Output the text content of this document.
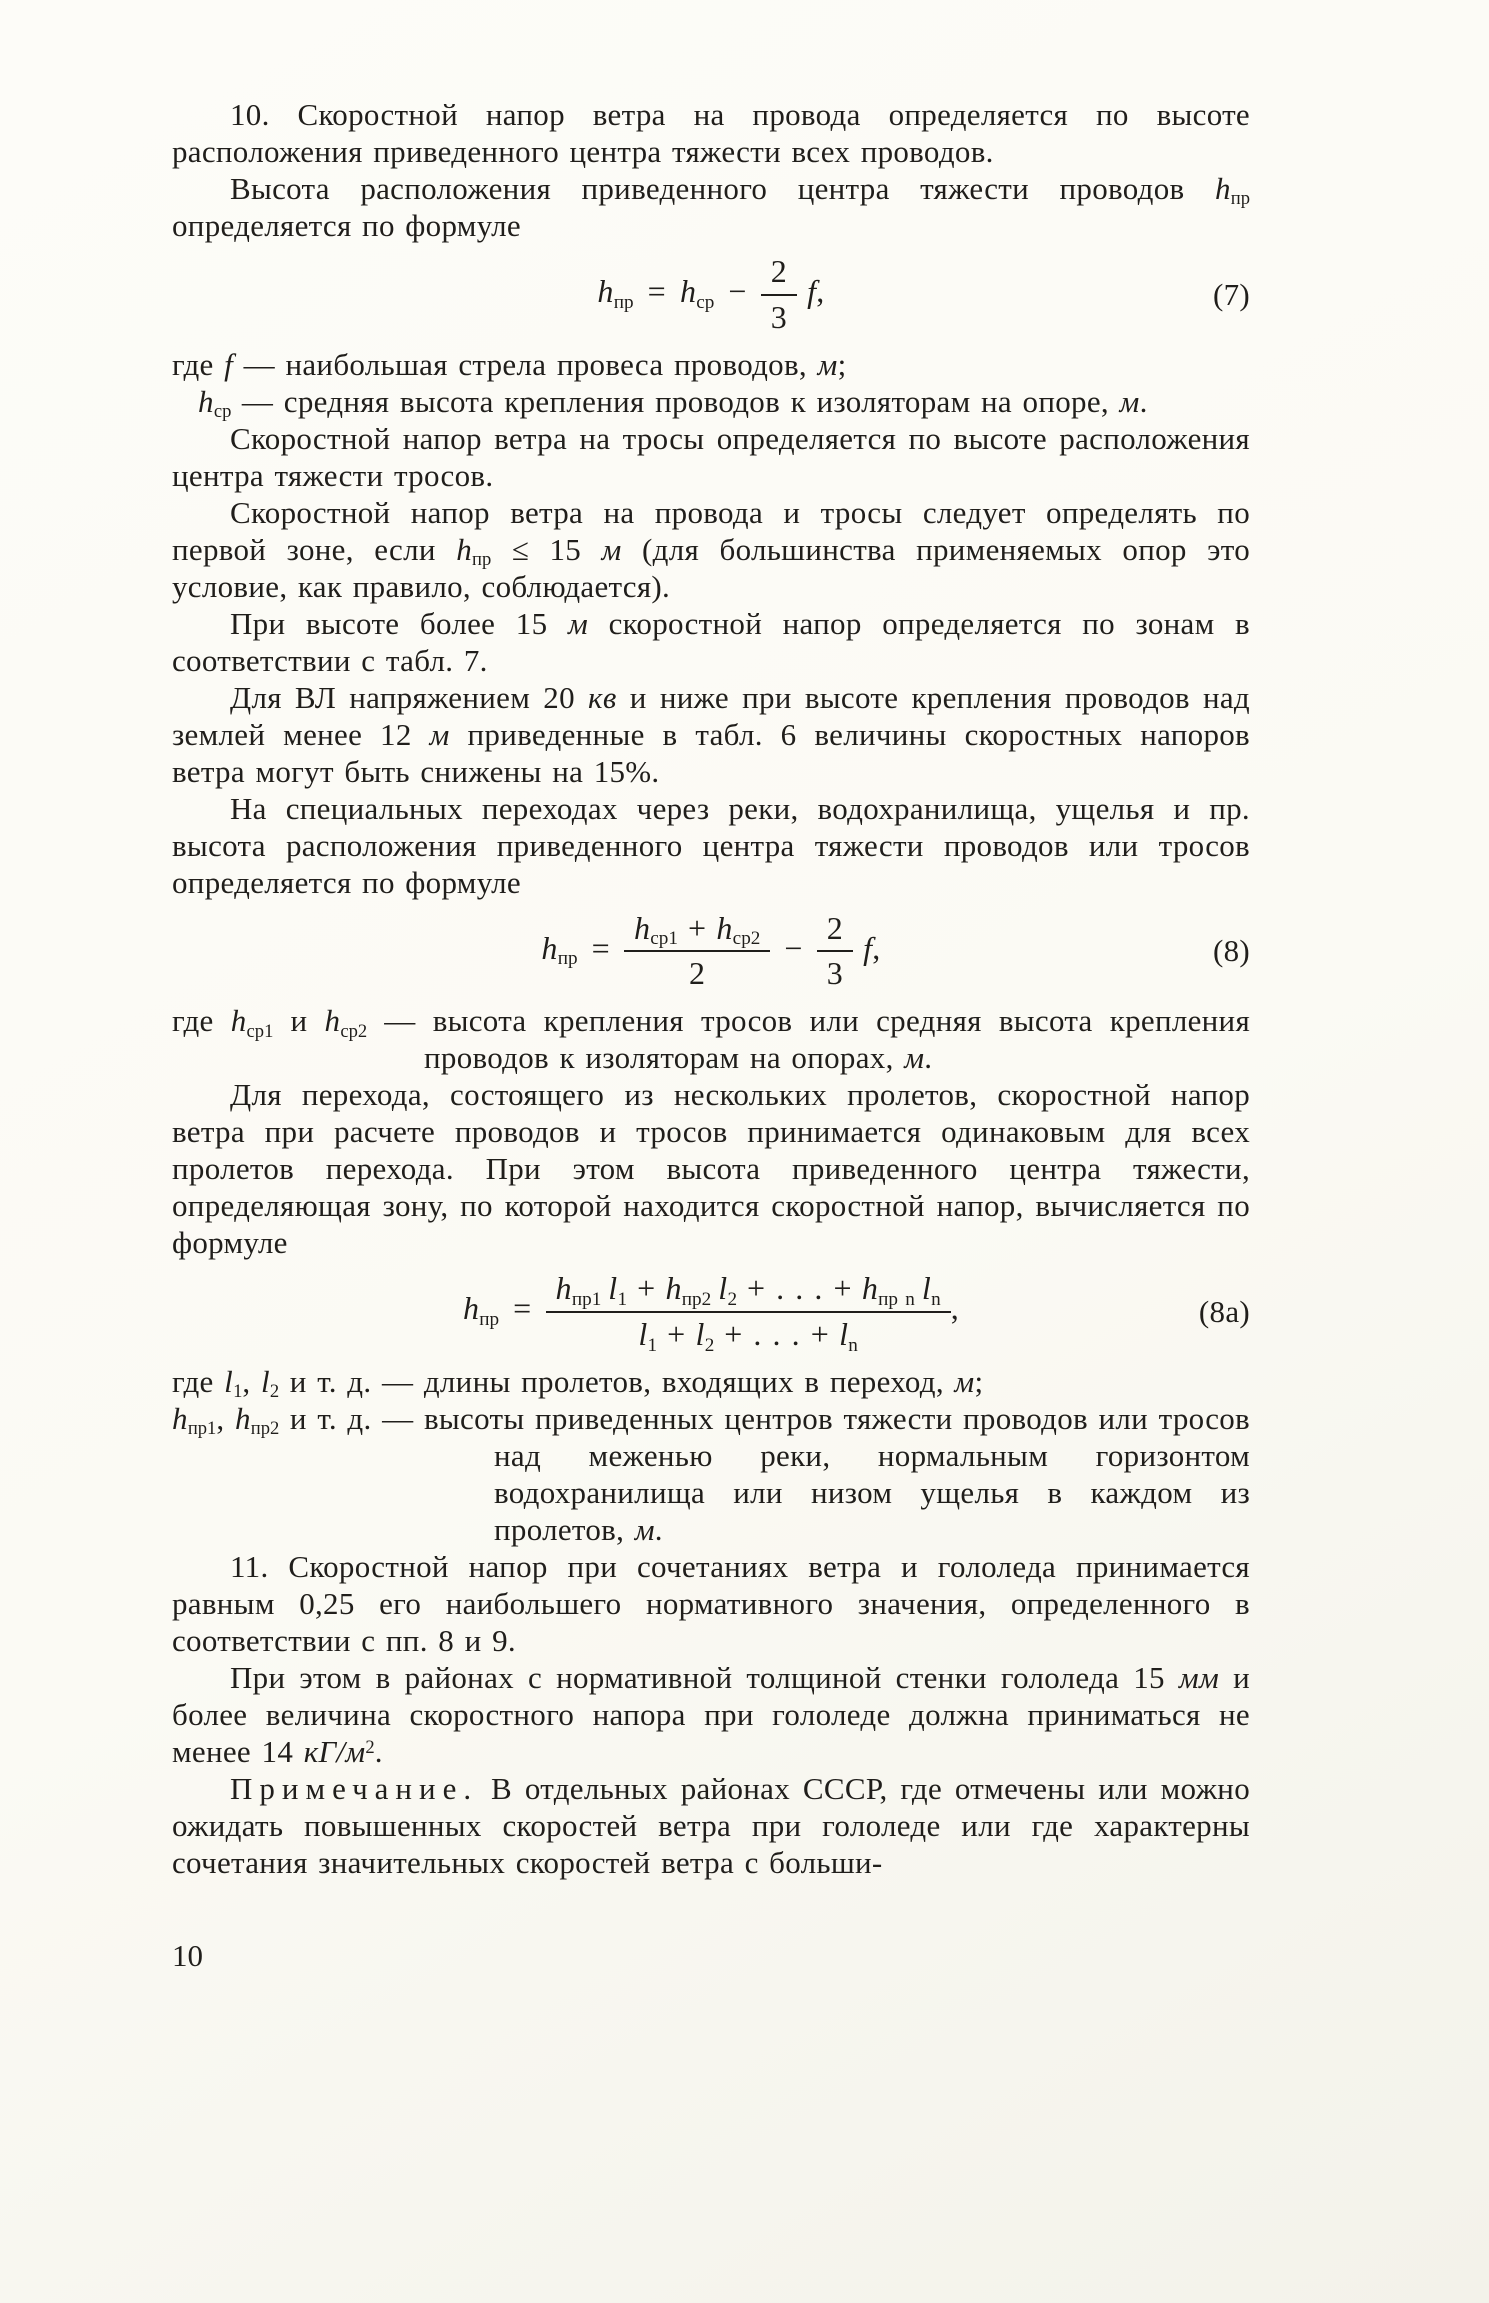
10. Скоростной напор ветра на провода определяется по высоте расположения приведенного центра тяжести всех проводов.

Высота расположения приведенного центра тяжести проводов $h_{пр}$ определяется по формуле

$h_{пр} = h_{ср} - \frac{2}{3} f$,	(7)

где f — наибольшая стрела провеса проводов, м;

$h_{ср}$ — средняя высота крепления проводов к изоляторам на опоре, м.

Скоростной напор ветра на тросы определяется по высоте расположения центра тяжести тросов.

Скоростной напор ветра на провода и тросы следует определять по первой зоне, если $h_{пр} \le 15$ м (для большинства применяемых опор это условие, как правило, соблюдается).

При высоте более 15 м скоростной напор определяется по зонам в соответствии с табл. 7.

Для ВЛ напряжением 20 кв и ниже при высоте крепления проводов над землей менее 12 м приведенные в табл. 6 величины скоростных напоров ветра могут быть снижены на 15%.

На специальных переходах через реки, водохранилища, ущелья и пр. высота расположения приведенного центра тяжести проводов или тросов определяется по формуле

$h_{пр} = \frac{h_{ср1} + h_{ср2}}{2} - \frac{2}{3} f$,	(8)

где $h_{ср1}$ и $h_{ср2}$ — высота крепления тросов или средняя высота крепления проводов к изоляторам на опорах, м.

Для перехода, состоящего из нескольких пролетов, скоростной напор ветра при расчете проводов и тросов принимается одинаковым для всех пролетов перехода. При этом высота приведенного центра тяжести, определяющая зону, по которой находится скоростной напор, вычисляется по формуле

$h_{пр} = \frac{h_{пр1} l_1 + h_{пр2} l_2 + . . . + h_{пр n} l_n}{l_1 + l_2 + . . . + l_n}$ ,	(8а)

где $l_1$, $l_2$ и т. д. — длины пролетов, входящих в переход, м;

$h_{пр1}$, $h_{пр2}$ и т. д. — высоты приведенных центров тяжести проводов или тросов над меженью реки, нормальным горизонтом водохранилища или низом ущелья в каждом из пролетов, м.

11. Скоростной напор при сочетаниях ветра и гололеда принимается равным 0,25 его наибольшего нормативного значения, определенного в соответствии с пп. 8 и 9.

При этом в районах с нормативной толщиной стенки гололеда 15 мм и более величина скоростного напора при гололеде должна приниматься не менее 14 $кГ/м^2$.

Примечание. В отдельных районах СССР, где отмечены или можно ожидать повышенных скоростей ветра при гололеде или где характерны сочетания значительных скоростей ветра с больши-

10
